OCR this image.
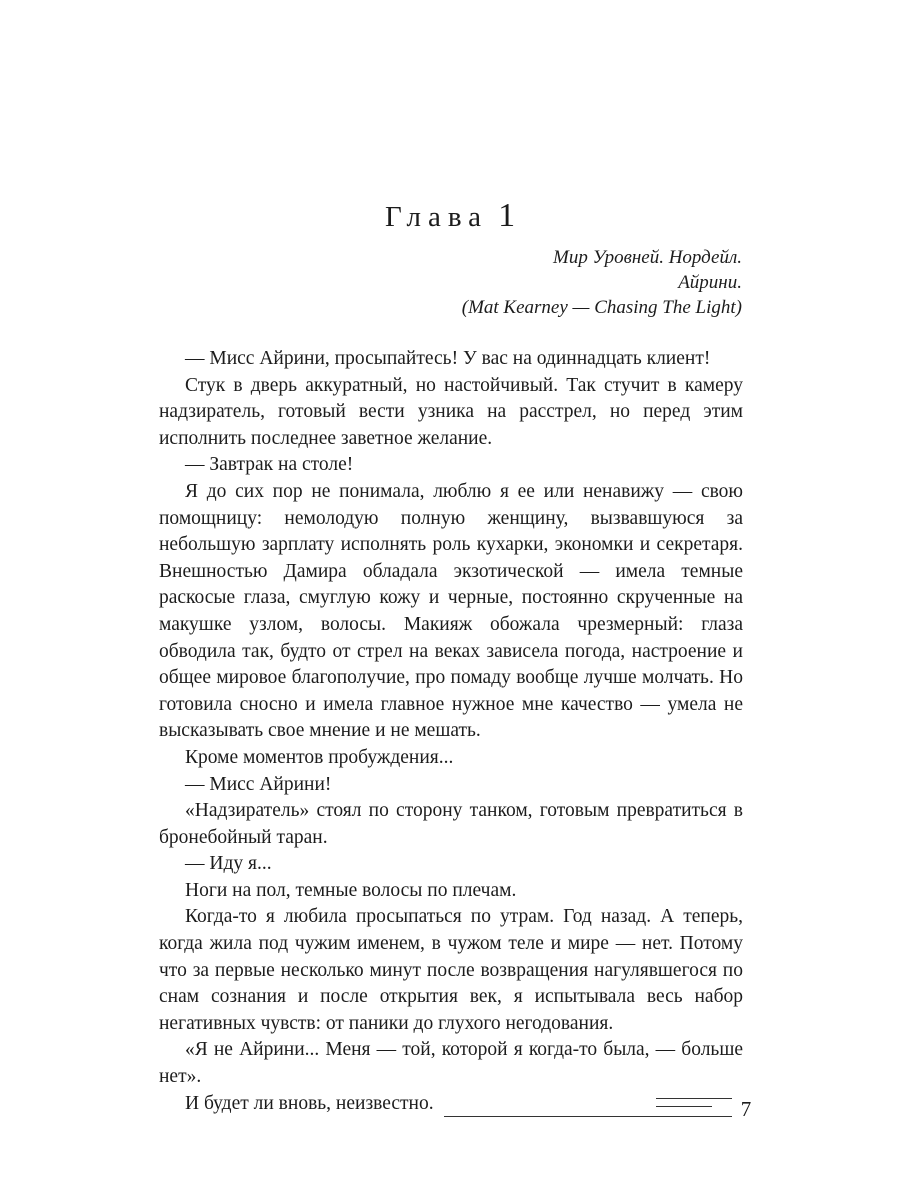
Глава 1
Мир Уровней. Нордейл.
Айрини.
(Mat Kearney — Chasing The Light)

— Мисс Айрини, просыпайтесь! У вас на одиннадцать клиент!

Стук в дверь аккуратный, но настойчивый. Так стучит в камеру надзиратель, готовый вести узника на расстрел, но перед этим исполнить последнее заветное желание.

— Завтрак на столе!

Я до сих пор не понимала, люблю я ее или ненавижу — свою помощницу: немолодую полную женщину, вызвавшуюся за небольшую зарплату исполнять роль кухарки, экономки и секретаря. Внешностью Дамира обладала экзотической — имела темные раскосые глаза, смуглую кожу и черные, постоянно скрученные на макушке узлом, волосы. Макияж обожала чрезмерный: глаза обводила так, будто от стрел на веках зависела погода, настроение и общее мировое благополучие, про помаду вообще лучше молчать. Но готовила сносно и имела главное нужное мне качество — умела не высказывать свое мнение и не мешать.

Кроме моментов пробуждения...

— Мисс Айрини!

«Надзиратель» стоял по сторону танком, готовым превратиться в бронебойный таран.

— Иду я...

Ноги на пол, темные волосы по плечам.

Когда-то я любила просыпаться по утрам. Год назад. А теперь, когда жила под чужим именем, в чужом теле и мире — нет. Потому что за первые несколько минут после возвращения нагулявшегося по снам сознания и после открытия век, я испытывала весь набор негативных чувств: от паники до глухого негодования.

«Я не Айрини... Меня — той, которой я когда-то была, — больше нет».

И будет ли вновь, неизвестно.	7
